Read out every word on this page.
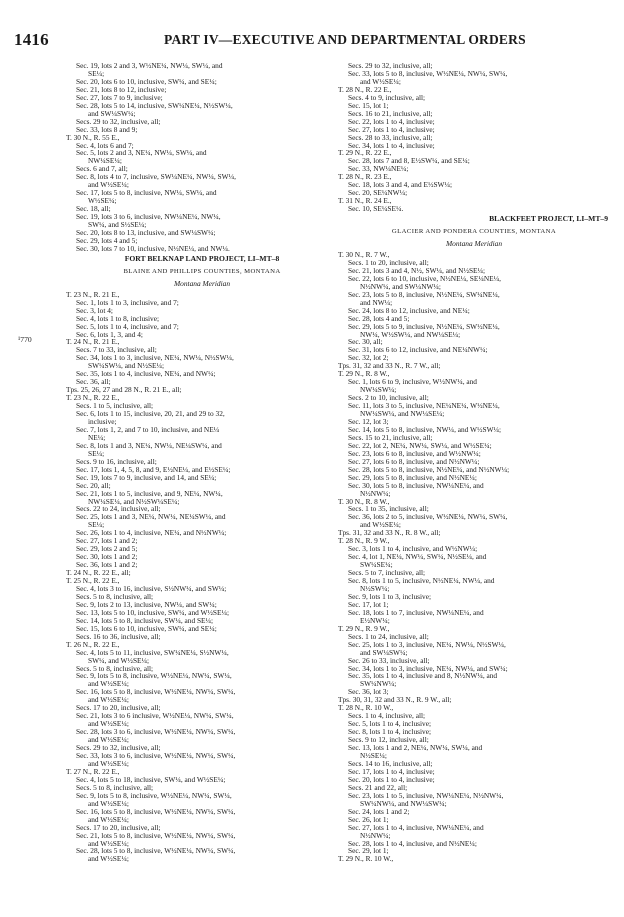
1416	PART IV—EXECUTIVE AND DEPARTMENTAL ORDERS
¹770
Sec. 19, lots 2 and 3, W½NE¼, NW¼, SW¼, and
SE¼;
Sec. 20, lots 6 to 10, inclusive, SW¼, and SE¼;
Sec. 21, lots 8 to 12, inclusive;
Sec. 27, lots 7 to 9, inclusive;
Sec. 28, lots 5 to 14, inclusive, SW¼NE¼, N½SW¼,
and SW¼SW¼;
Secs. 29 to 32, inclusive, all;
Sec. 33, lots 8 and 9;
T. 30 N., R. 55 E.,
Sec. 4, lots 6 and 7;
Sec. 5, lots 2 and 3, NE¼, NW¼, SW¼, and
NW¼SE¼;
Secs. 6 and 7, all;
Sec. 8, lots 4 to 7, inclusive, SW¼NE¼, NW¼, SW¼,
and W½SE¼;
Sec. 17, lots 5 to 8, inclusive, NW¼, SW¼, and
W½SE¼;
Sec. 18, all;
Sec. 19, lots 3 to 6, inclusive, NW¼NE¼, NW¼,
SW¼, and S½SE¼;
Sec. 20, lots 8 to 13, inclusive, and SW¼SW¼;
Sec. 29, lots 4 and 5;
Sec. 30, lots 7 to 10, inclusive, N½NE¼, and NW¼.
FORT BELKNAP LAND PROJECT, LI–MT–8
BLAINE AND PHILLIPS COUNTIES, MONTANA
Montana Meridian
T. 23 N., R. 21 E.,
Sec. 1, lots 1 to 3, inclusive, and 7;
Sec. 3, lot 4;
Sec. 4, lots 1 to 8, inclusive;
Sec. 5, lots 1 to 4, inclusive, and 7;
Sec. 6, lots 1, 3, and 4;
T. 24 N., R. 21 E.,
Secs. 7 to 33, inclusive, all;
Sec. 34, lots 1 to 3, inclusive, NE¼, NW¼, N½SW¼,
SW¼SW¼, and N½SE¼;
Sec. 35, lots 1 to 4, inclusive, NE¼, and NW¼;
Sec. 36, all;
Tps. 25, 26, 27 and 28 N., R. 21 E., all;
T. 23 N., R. 22 E.,
Secs. 1 to 5, inclusive, all;
Sec. 6, lots 1 to 15, inclusive, 20, 21, and 29 to 32,
inclusive;
Sec. 7, lots 1, 2, and 7 to 10, inclusive, and NE¼
NE¼;
Sec. 8, lots 1 and 3, NE¼, NW¼, NE¼SW¼, and
SE¼;
Secs. 9 to 16, inclusive, all;
Sec. 17, lots 1, 4, 5, 8, and 9, E½NE¼, and E½SE¼;
Sec. 19, lots 7 to 9, inclusive, and 14, and SE¼;
Sec. 20, all;
Sec. 21, lots 1 to 5, inclusive, and 9, NE¼, NW¼,
NW¼SE¼, and N½SW¼SE¼;
Secs. 22 to 24, inclusive, all;
Sec. 25, lots 1 and 3, NE¼, NW¼, NE¼SW¼, and
SE¼;
Sec. 26, lots 1 to 4, inclusive, NE¼, and N½NW¼;
Sec. 27, lots 1 and 2;
Sec. 29, lots 2 and 5;
Sec. 30, lots 1 and 2;
Sec. 36, lots 1 and 2;
T. 24 N., R. 22 E., all;
T. 25 N., R. 22 E.,
Sec. 4, lots 3 to 16, inclusive, S½NW¼, and SW¼;
Secs. 5 to 8, inclusive, all;
Sec. 9, lots 2 to 13, inclusive, NW¼, and SW¼;
Sec. 13, lots 5 to 10, inclusive, SW¼, and W½SE¼;
Sec. 14, lots 5 to 8, inclusive, SW¼, and SE¼;
Sec. 15, lots 6 to 10, inclusive, SW¼, and SE¼;
Secs. 16 to 36, inclusive, all;
T. 26 N., R. 22 E.,
Sec. 4, lots 5 to 11, inclusive, SW¼NE¼, S½NW¼,
SW¼, and W½SE¼;
Secs. 5 to 8, inclusive, all;
Sec. 9, lots 5 to 8, inclusive, W½NE¼, NW¼, SW¼,
and W½SE¼;
Sec. 16, lots 5 to 8, inclusive, W½NE¼, NW¼, SW¼,
and W½SE¼;
Secs. 17 to 20, inclusive, all;
Sec. 21, lots 3 to 6 inclusive, W½NE¼, NW¼, SW¼,
and W½SE¼;
Sec. 28, lots 3 to 6, inclusive, W½NE¼, NW¼, SW¼,
and W½SE¼;
Secs. 29 to 32, inclusive, all;
Sec. 33, lots 3 to 6, inclusive, W½NE¼, NW¼, SW¼,
and W½SE¼;
T. 27 N., R. 22 E.,
Sec. 4, lots 5 to 18, inclusive, SW¼, and W½SE¼;
Secs. 5 to 8, inclusive, all;
Sec. 9, lots 5 to 8, inclusive, W½NE¼, NW¼, SW¼,
and W½SE¼;
Sec. 16, lots 5 to 8, inclusive, W½NE¼, NW¼, SW¼,
and W½SE¼;
Secs. 17 to 20, inclusive, all;
Sec. 21, lots 5 to 8, inclusive, W½NE¼, NW¼, SW¼,
and W½SE¼;
Sec. 28, lots 5 to 8, inclusive, W½NE¼, NW¼, SW¼,
and W½SE¼;
Secs. 29 to 32, inclusive, all;
Sec. 33, lots 5 to 8, inclusive, W½NE¼, NW¼, SW¼,
and W½SE¼;
T. 28 N., R. 22 E.,
Secs. 4 to 9, inclusive, all;
Sec. 15, lot 1;
Secs. 16 to 21, inclusive, all;
Sec. 22, lots 1 to 4, inclusive;
Sec. 27, lots 1 to 4, inclusive;
Secs. 28 to 33, inclusive, all;
Sec. 34, lots 1 to 4, inclusive;
T. 29 N., R. 22 E.,
Sec. 28, lots 7 and 8, E½SW¼, and SE¼;
Sec. 33, NW¼NE¼;
T. 28 N., R. 23 E.,
Sec. 18, lots 3 and 4, and E½SW¼;
Sec. 20, SE¼NW¼;
T. 31 N., R. 24 E.,
Sec. 10, SE¼SE¼.
BLACKFEET PROJECT, LI–MT–9
GLACIER AND PONDERA COUNTIES, MONTANA
Montana Meridian
T. 30 N., R. 7 W.,
Secs. 1 to 20, inclusive, all;
Sec. 21, lots 3 and 4, N½, SW¼, and N½SE¼;
Sec. 22, lots 6 to 10, inclusive, N½NE¼, SE¼NE¼,
N½NW¼, and SW¼NW¼;
Sec. 23, lots 5 to 8, inclusive, N½NE¼, SW¼NE¼,
and NW¼;
Sec. 24, lots 8 to 12, inclusive, and NE¼;
Sec. 28, lots 4 and 5;
Sec. 29, lots 5 to 9, inclusive, N½NE¼, SW½NE¼,
NW¼, W½SW¼, and NW¼SE¼;
Sec. 30, all;
Sec. 31, lots 6 to 12, inclusive, and NE¼NW¼;
Sec. 32, lot 2;
Tps. 31, 32 and 33 N., R. 7 W., all;
T. 29 N., R. 8 W.,
Sec. 1, lots 6 to 9, inclusive, W½NW¼, and
NW¼SW¼;
Secs. 2 to 10, inclusive, all;
Sec. 11, lots 3 to 5, inclusive, NE¼NE¼, W½NE¼,
NW¼SW¼, and NW¼SE¼;
Sec. 12, lot 3;
Sec. 14, lots 5 to 8, inclusive, NW¼, and W½SW¼;
Secs. 15 to 21, inclusive, all;
Sec. 22, lot 2, NE¼, NW¼, SW¼, and W½SE¼;
Sec. 23, lots 6 to 8, inclusive, and W½NW¼;
Sec. 27, lots 6 to 8, inclusive, and N½NW¼;
Sec. 28, lots 5 to 8, inclusive, N½NE¼, and N½NW¼;
Sec. 29, lots 5 to 8, inclusive, and N½NE¼;
Sec. 30, lots 5 to 8, inclusive, NW¼NE¼, and
N½NW¼;
T. 30 N., R. 8 W.,
Secs. 1 to 35, inclusive, all;
Sec. 36, lots 2 to 5, inclusive, W½NE¼, NW¼, SW¼,
and W½SE¼;
Tps. 31, 32 and 33 N., R. 8 W., all;
T. 28 N., R. 9 W.,
Sec. 3, lots 1 to 4, inclusive, and W½NW¼;
Sec. 4, lot 1, NE¼, NW¼, SW¼, N½SE¼, and
SW¼SE¼;
Secs. 5 to 7, inclusive, all;
Sec. 8, lots 1 to 5, inclusive, N½NE¼, NW¼, and
N½SW¼;
Sec. 9, lots 1 to 3, inclusive;
Sec. 17, lot 1;
Sec. 18, lots 1 to 7, inclusive, NW¼NE¼, and
E½NW¼;
T. 29 N., R. 9 W.,
Secs. 1 to 24, inclusive, all;
Sec. 25, lots 1 to 3, inclusive, NE¼, NW¼, N½SW¼,
and SW¼SW¼;
Sec. 26 to 33, inclusive, all;
Sec. 34, lots 1 to 3, inclusive, NE¼, NW¼, and SW¼;
Sec. 35, lots 1 to 4, inclusive and 8, N½NW¼, and
SW¼NW¼;
Sec. 36, lot 3;
Tps. 30, 31, 32 and 33 N., R. 9 W., all;
T. 28 N., R. 10 W.,
Secs. 1 to 4, inclusive, all;
Sec. 5, lots 1 to 4, inclusive;
Sec. 8, lots 1 to 4, inclusive;
Secs. 9 to 12, inclusive, all;
Sec. 13, lots 1 and 2, NE¼, NW¼, SW¼, and
N½SE¼;
Secs. 14 to 16, inclusive, all;
Sec. 17, lots 1 to 4, inclusive;
Sec. 20, lots 1 to 4, inclusive;
Secs. 21 and 22, all;
Sec. 23, lots 1 to 5, inclusive, NW¼NE¼, N½NW¼,
SW¼NW¼, and NW¼SW¼;
Sec. 24, lots 1 and 2;
Sec. 26, lot 1;
Sec. 27, lots 1 to 4, inclusive, NW¼NE¼, and
N½NW¼;
Sec. 28, lots 1 to 4, inclusive, and N½NE¼;
Sec. 29, lot 1;
T. 29 N., R. 10 W.,
